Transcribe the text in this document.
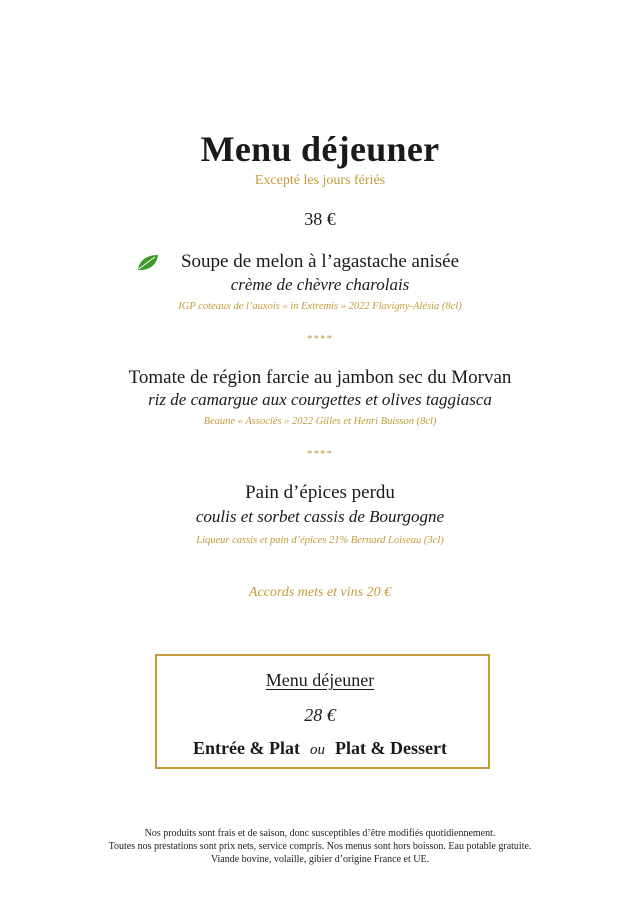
Menu déjeuner
Excepté les jours fériés
38 €
Soupe de melon à l’agastache anisée
crème de chèvre charolais
IGP coteaux de l’auxois « in Extremis » 2022 Flavigny-Alésia (8cl)
****
Tomate de région farcie au jambon sec du Morvan
riz de camargue aux courgettes et olives taggiasca
Beaune « Associés » 2022 Gilles et Henri Buisson (8cl)
****
Pain d’épices perdu
coulis et sorbet cassis de Bourgogne
Liqueur cassis et pain d’épices 21% Bernard Loiseau (3cl)
Accords mets et vins 20 €
Menu déjeuner
28 €
Entrée & Plat ou Plat & Dessert
Nos produits sont frais et de saison, donc susceptibles d’être modifiés quotidiennement.
Toutes nos prestations sont prix nets, service compris. Nos menus sont hors boisson. Eau potable gratuite.
Viande bovine, volaille, gibier d’origine France et UE.
